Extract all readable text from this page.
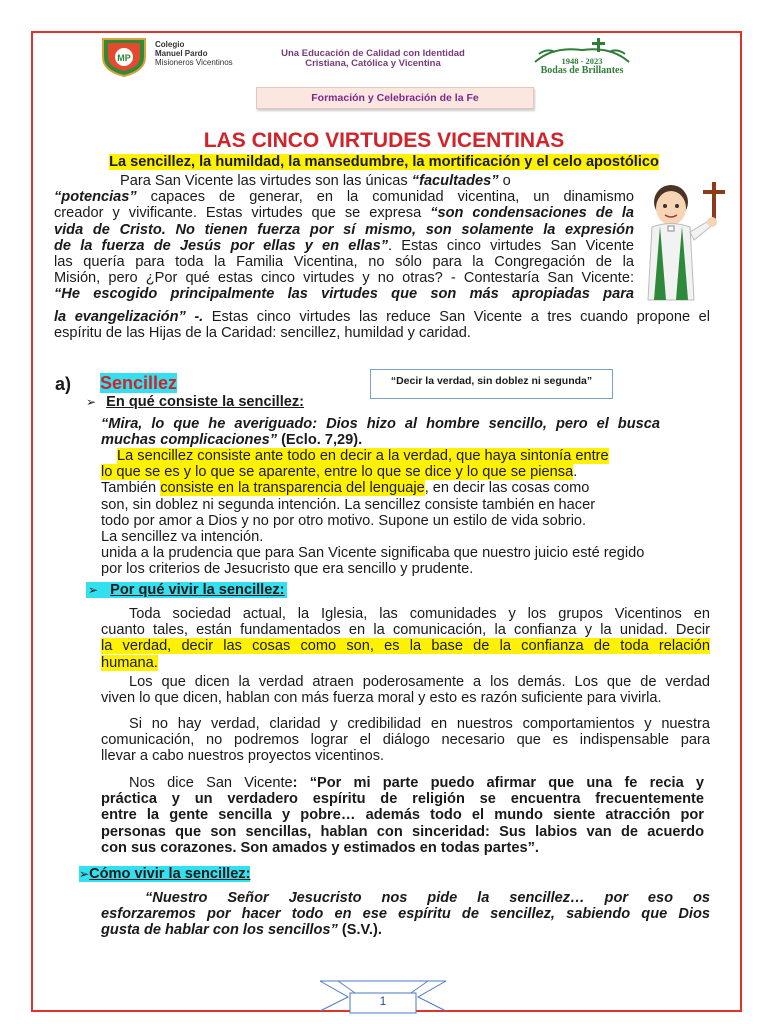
MP
Colegio
Manuel Pardo
Misioneros Vicentinos
Una Educación de Calidad con Identidad
Cristiana, Católica y Vicentina	1948 - 2023
Bodas de Brillantes
Formación y Celebración de la Fe
LAS CINCO VIRTUDES VICENTINAS
La sencillez, la humildad, la mansedumbre, la mortificación y el celo apostólico

Para San Vicente las virtudes son las únicas “facultades” o

“potencias” capaces de generar, en la comunidad vicentina, un dinamismo

creador y vivificante. Estas virtudes que se expresa “son condensaciones de la

vida de Cristo. No tienen fuerza por sí mismo, son solamente la expresión

de la fuerza de Jesús por ellas y en ellas”. Estas cinco virtudes San Vicente

las quería para toda la Familia Vicentina, no sólo para la Congregación de la

Misión, pero ¿Por qué estas cinco virtudes y no otras? - Contestaría San Vicente:

“He escogido principalmente las virtudes que son más apropiadas para

la evangelización” -. Estas cinco virtudes las reduce San Vicente a tres cuando propone el

espíritu de las Hijas de la Caridad: sencillez, humildad y caridad.

a) Sencillez	“Decir la verdad, sin doblez ni segunda”
➢ En qué consiste la sencillez:

“Mira, lo que he averiguado: Dios hizo al hombre sencillo, pero el busca

muchas complicaciones” (Eclo. 7,29).

La sencillez consiste ante todo en decir a la verdad, que haya sintonía entre

lo que se es y lo que se aparente, entre lo que se dice y lo que se piensa.

También consiste en la transparencia del lenguaje, en decir las cosas como

son, sin doblez ni segunda intención. La sencillez consiste también en hacer

todo por amor a Dios y no por otro motivo. Supone un estilo de vida sobrio.

La sencillez va intención.

unida a la prudencia que para San Vicente significaba que nuestro juicio esté regido

por los criterios de Jesucristo que era sencillo y prudente.

➢ Por qué vivir la sencillez:

Toda sociedad actual, la Iglesia, las comunidades y los grupos Vicentinos en

cuanto tales, están fundamentados en la comunicación, la confianza y la unidad. Decir

la verdad, decir las cosas como son, es la base de la confianza de toda relación

humana.

Los que dicen la verdad atraen poderosamente a los demás. Los que de verdad

viven lo que dicen, hablan con más fuerza moral y esto es razón suficiente para vivirla.

Si no hay verdad, claridad y credibilidad en nuestros comportamientos y nuestra

comunicación, no podremos lograr el diálogo necesario que es indispensable para

llevar a cabo nuestros proyectos vicentinos.

Nos dice San Vicente: “Por mi parte puedo afirmar que una fe recia y

práctica y un verdadero espíritu de religión se encuentra frecuentemente

entre la gente sencilla y pobre… además todo el mundo siente atracción por

personas que son sencillas, hablan con sinceridad: Sus labios van de acuerdo

con sus corazones. Son amados y estimados en todas partes”.

➢Cómo vivir la sencillez:

“Nuestro Señor Jesucristo nos pide la sencillez… por eso os

esforzaremos por hacer todo en ese espíritu de sencillez, sabiendo que Dios

gusta de hablar con los sencillos” (S.V.).

1
